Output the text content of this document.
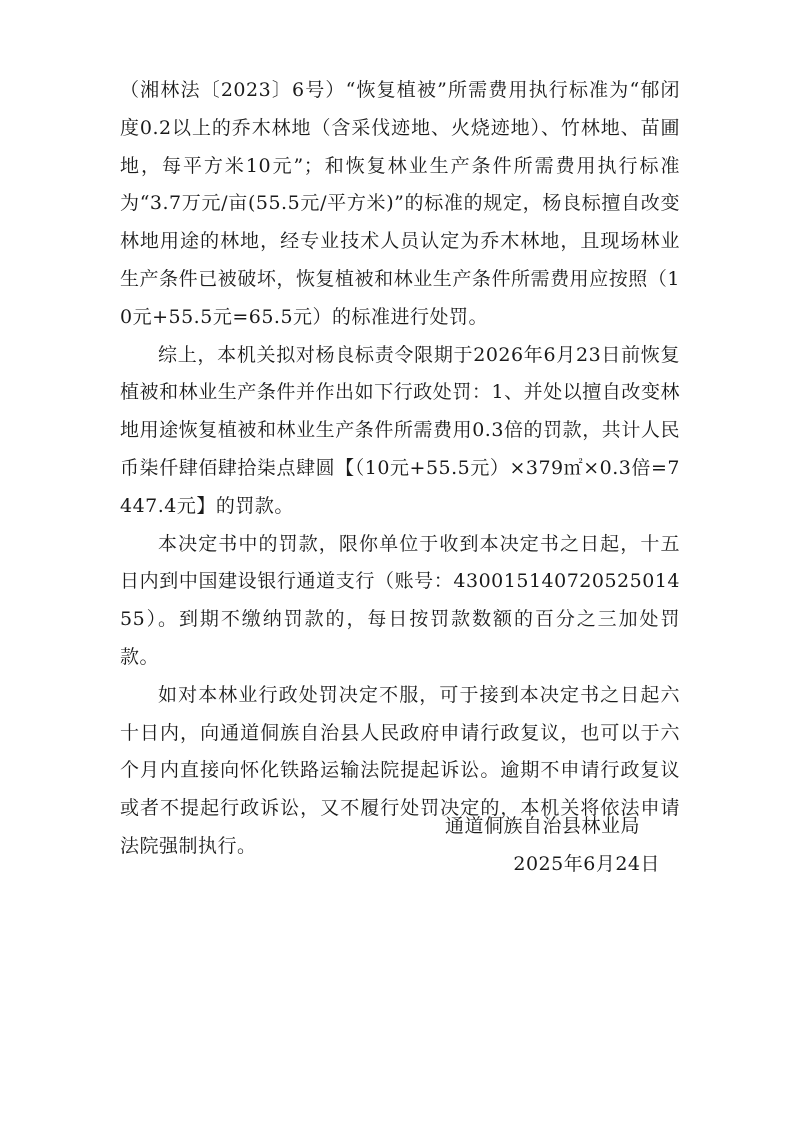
（湘林法〔2023〕6号）“恢复植被”所需费用执行标准为“郁闭度0.2以上的乔木林地（含采伐迹地、火烧迹地）、竹林地、苗圃地，每平方米10元”；和恢复林业生产条件所需费用执行标准为“3.7万元/亩(55.5元/平方米)”的标准的规定，杨良标擅自改变林地用途的林地，经专业技术人员认定为乔木林地，且现场林业生产条件已被破坏，恢复植被和林业生产条件所需费用应按照（10元+55.5元=65.5元）的标准进行处罚。

综上，本机关拟对杨良标责令限期于2026年6月23日前恢复植被和林业生产条件并作出如下行政处罚：1、并处以擅自改变林地用途恢复植被和林业生产条件所需费用0.3倍的罚款，共计人民币柒仟肆佰肆拾柒点肆圆【（10元+55.5元）×379㎡×0.3倍=7447.4元】的罚款。

本决定书中的罚款，限你单位于收到本决定书之日起，十五日内到中国建设银行通道支行（账号：43001514072052501455）。到期不缴纳罚款的，每日按罚款数额的百分之三加处罚款。

如对本林业行政处罚决定不服，可于接到本决定书之日起六十日内，向通道侗族自治县人民政府申请行政复议，也可以于六个月内直接向怀化铁路运输法院提起诉讼。逾期不申请行政复议或者不提起行政诉讼，又不履行处罚决定的，本机关将依法申请法院强制执行。

通道侗族自治县林业局
2025年6月24日
